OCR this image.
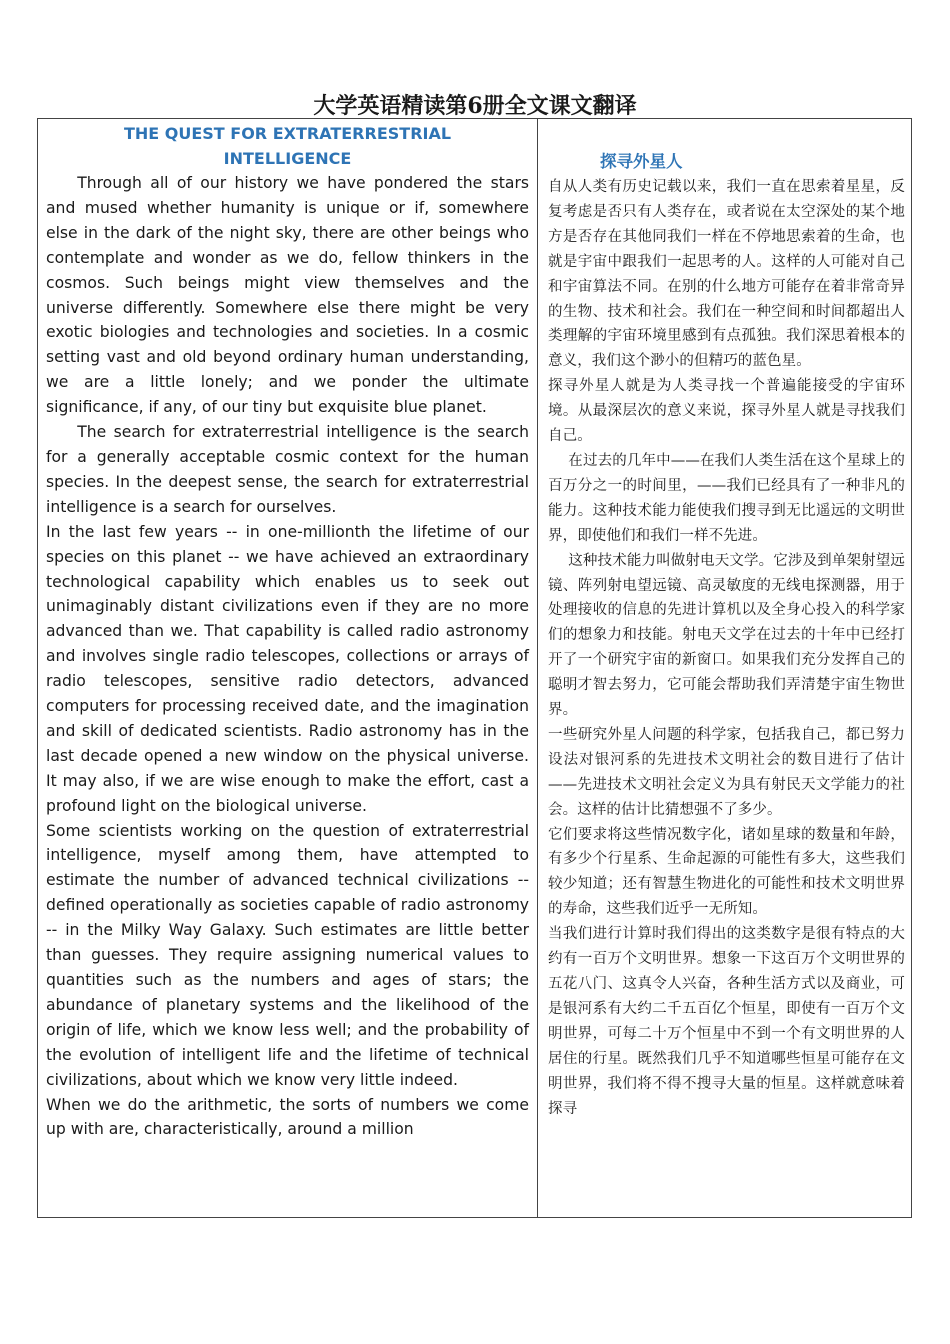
大学英语精读第6册全文课文翻译

THE QUEST FOR EXTRATERRESTRIAL INTELLIGENCE

Through all of our history we have pondered the stars and mused whether humanity is unique or if, somewhere else in the dark of the night sky, there are other beings who contemplate and wonder as we do, fellow thinkers in the cosmos. Such beings might view themselves and the universe differently. Somewhere else there might be very exotic biologies and technologies and societies. In a cosmic setting vast and old beyond ordinary human understanding, we are a little lonely; and we ponder the ultimate significance, if any, of our tiny but exquisite blue planet.

The search for extraterrestrial intelligence is the search for a generally acceptable cosmic context for the human species. In the deepest sense, the search for extraterrestrial intelligence is a search for ourselves.

In the last few years -- in one-millionth the lifetime of our species on this planet -- we have achieved an extraordinary technological capability which enables us to seek out unimaginably distant civilizations even if they are no more advanced than we. That capability is called radio astronomy and involves single radio telescopes, collections or arrays of radio telescopes, sensitive radio detectors, advanced computers for processing received date, and the imagination and skill of dedicated scientists. Radio astronomy has in the last decade opened a new window on the physical universe. It may also, if we are wise enough to make the effort, cast a profound light on the biological universe.

Some scientists working on the question of extraterrestrial intelligence, myself among them, have attempted to estimate the number of advanced technical civilizations -- defined operationally as societies capable of radio astronomy -- in the Milky Way Galaxy. Such estimates are little better than guesses. They require assigning numerical values to quantities such as the numbers and ages of stars; the abundance of planetary systems and the likelihood of the origin of life, which we know less well; and the probability of the evolution of intelligent life and the lifetime of technical civilizations, about which we know very little indeed.

When we do the arithmetic, the sorts of numbers we come up with are, characteristically, around a million

探寻外星人

自从人类有历史记载以来，我们一直在思索着星星，反复考虑是否只有人类存在，或者说在太空深处的某个地方是否存在其他同我们一样在不停地思索着的生命，也就是宇宙中跟我们一起思考的人。这样的人可能对自己和宇宙算法不同。在别的什么地方可能存在着非常奇异的生物、技术和社会。我们在一种空间和时间都超出人类理解的宇宙环境里感到有点孤独。我们深思着根本的意义，我们这个渺小的但精巧的蓝色星。

探寻外星人就是为人类寻找一个普遍能接受的宇宙环境。从最深层次的意义来说，探寻外星人就是寻找我们自己。

在过去的几年中——在我们人类生活在这个星球上的百万分之一的时间里，——我们已经具有了一种非凡的能力。这种技术能力能使我们搜寻到无比遥远的文明世界，即使他们和我们一样不先进。

这种技术能力叫做射电天文学。它涉及到单架射望远镜、阵列射电望远镜、高灵敏度的无线电探测器，用于处理接收的信息的先进计算机以及全身心投入的科学家们的想象力和技能。射电天文学在过去的十年中已经打开了一个研究宇宙的新窗口。如果我们充分发挥自己的聪明才智去努力，它可能会帮助我们弄清楚宇宙生物世界。

一些研究外星人问题的科学家，包括我自己，都已努力设法对银河系的先进技术文明社会的数目进行了估计——先进技术文明社会定义为具有射民天文学能力的社会。这样的估计比猜想强不了多少。

它们要求将这些情况数字化，诸如星球的数量和年龄，有多少个行星系、生命起源的可能性有多大，这些我们较少知道；还有智慧生物进化的可能性和技术文明世界的寿命，这些我们近乎一无所知。

当我们进行计算时我们得出的这类数字是很有特点的大约有一百万个文明世界。想象一下这百万个文明世界的五花八门、这真令人兴奋，各种生活方式以及商业，可是银河系有大约二千五百亿个恒星，即使有一百万个文明世界，可每二十万个恒星中不到一个有文明世界的人居住的行星。既然我们几乎不知道哪些恒星可能存在文明世界，我们将不得不搜寻大量的恒星。这样就意味着探寻
